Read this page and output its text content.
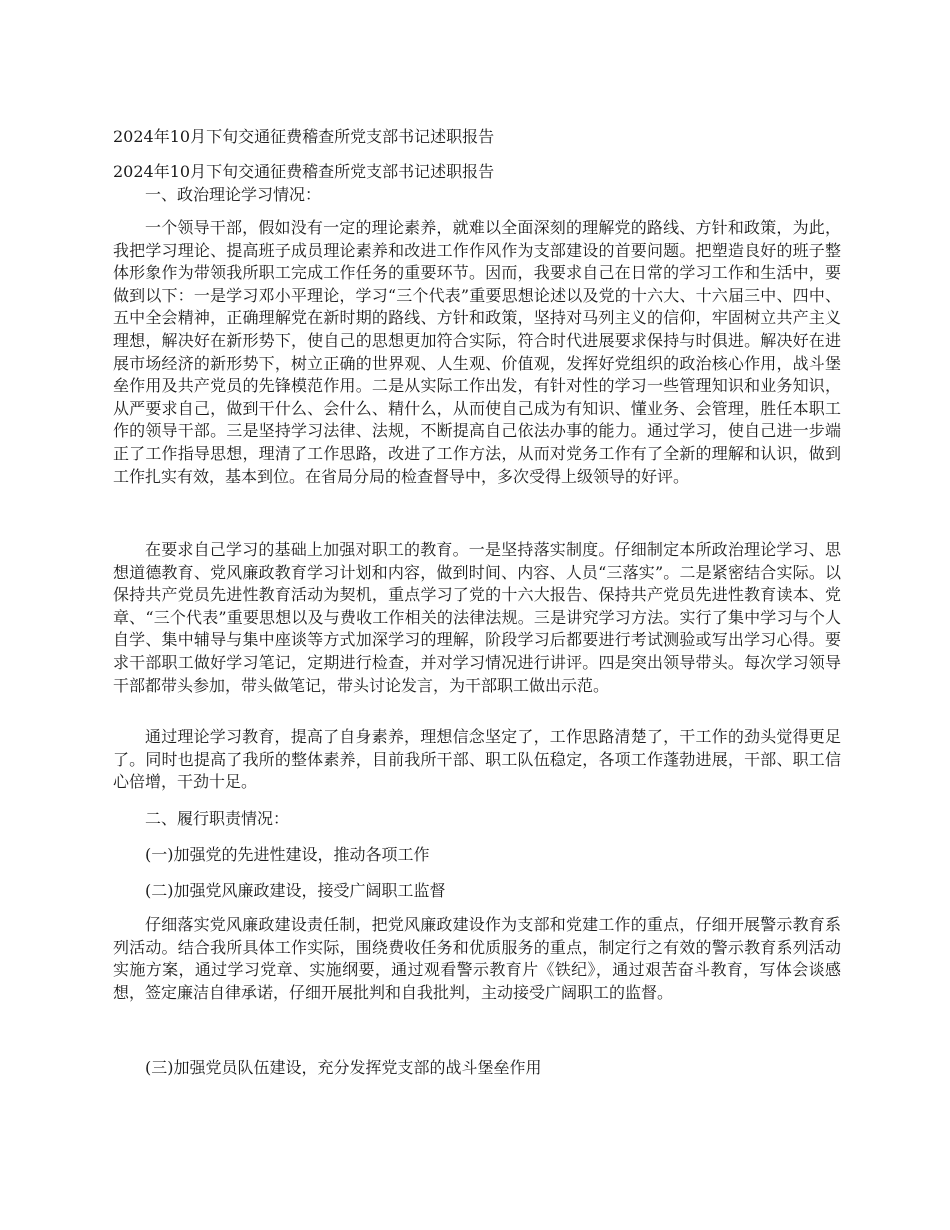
2024年10月下旬交通征费稽查所党支部书记述职报告

2024年10月下旬交通征费稽查所党支部书记述职报告

一、政治理论学习情况：

一个领导干部，假如没有一定的理论素养，就难以全面深刻的理解党的路线、方针和政策，为此，我把学习理论、提高班子成员理论素养和改进工作作风作为支部建设的首要问题。把塑造良好的班子整体形象作为带领我所职工完成工作任务的重要环节。因而，我要求自己在日常的学习工作和生活中，要做到以下：一是学习邓小平理论，学习“三个代表”重要思想论述以及党的十六大、十六届三中、四中、五中全会精神，正确理解党在新时期的路线、方针和政策，坚持对马列主义的信仰，牢固树立共产主义理想，解决好在新形势下，使自己的思想更加符合实际，符合时代进展要求保持与时俱进。解决好在进展市场经济的新形势下，树立正确的世界观、人生观、价值观，发挥好党组织的政治核心作用，战斗堡垒作用及共产党员的先锋模范作用。二是从实际工作出发，有针对性的学习一些管理知识和业务知识，从严要求自己，做到干什么、会什么、精什么，从而使自己成为有知识、懂业务、会管理，胜任本职工作的领导干部。三是坚持学习法律、法规，不断提高自己依法办事的能力。通过学习，使自己进一步端正了工作指导思想，理清了工作思路，改进了工作方法，从而对党务工作有了全新的理解和认识，做到工作扎实有效，基本到位。在省局分局的检查督导中，多次受得上级领导的好评。

在要求自己学习的基础上加强对职工的教育。一是坚持落实制度。仔细制定本所政治理论学习、思想道德教育、党风廉政教育学习计划和内容，做到时间、内容、人员“三落实”。二是紧密结合实际。以保持共产党员先进性教育活动为契机，重点学习了党的十六大报告、保持共产党员先进性教育读本、党章、“三个代表”重要思想以及与费收工作相关的法律法规。三是讲究学习方法。实行了集中学习与个人自学、集中辅导与集中座谈等方式加深学习的理解，阶段学习后都要进行考试测验或写出学习心得。要求干部职工做好学习笔记，定期进行检查，并对学习情况进行讲评。四是突出领导带头。每次学习领导干部都带头参加，带头做笔记，带头讨论发言，为干部职工做出示范。

通过理论学习教育，提高了自身素养，理想信念坚定了，工作思路清楚了，干工作的劲头觉得更足了。同时也提高了我所的整体素养，目前我所干部、职工队伍稳定，各项工作蓬勃进展，干部、职工信心倍增，干劲十足。

二、履行职责情况：

(一)加强党的先进性建设，推动各项工作

(二)加强党风廉政建设，接受广阔职工监督

仔细落实党风廉政建设责任制，把党风廉政建设作为支部和党建工作的重点，仔细开展警示教育系列活动。结合我所具体工作实际，围绕费收任务和优质服务的重点，制定行之有效的警示教育系列活动实施方案，通过学习党章、实施纲要，通过观看警示教育片《铁纪》，通过艰苦奋斗教育，写体会谈感想，签定廉洁自律承诺，仔细开展批判和自我批判，主动接受广阔职工的监督。

(三)加强党员队伍建设，充分发挥党支部的战斗堡垒作用
